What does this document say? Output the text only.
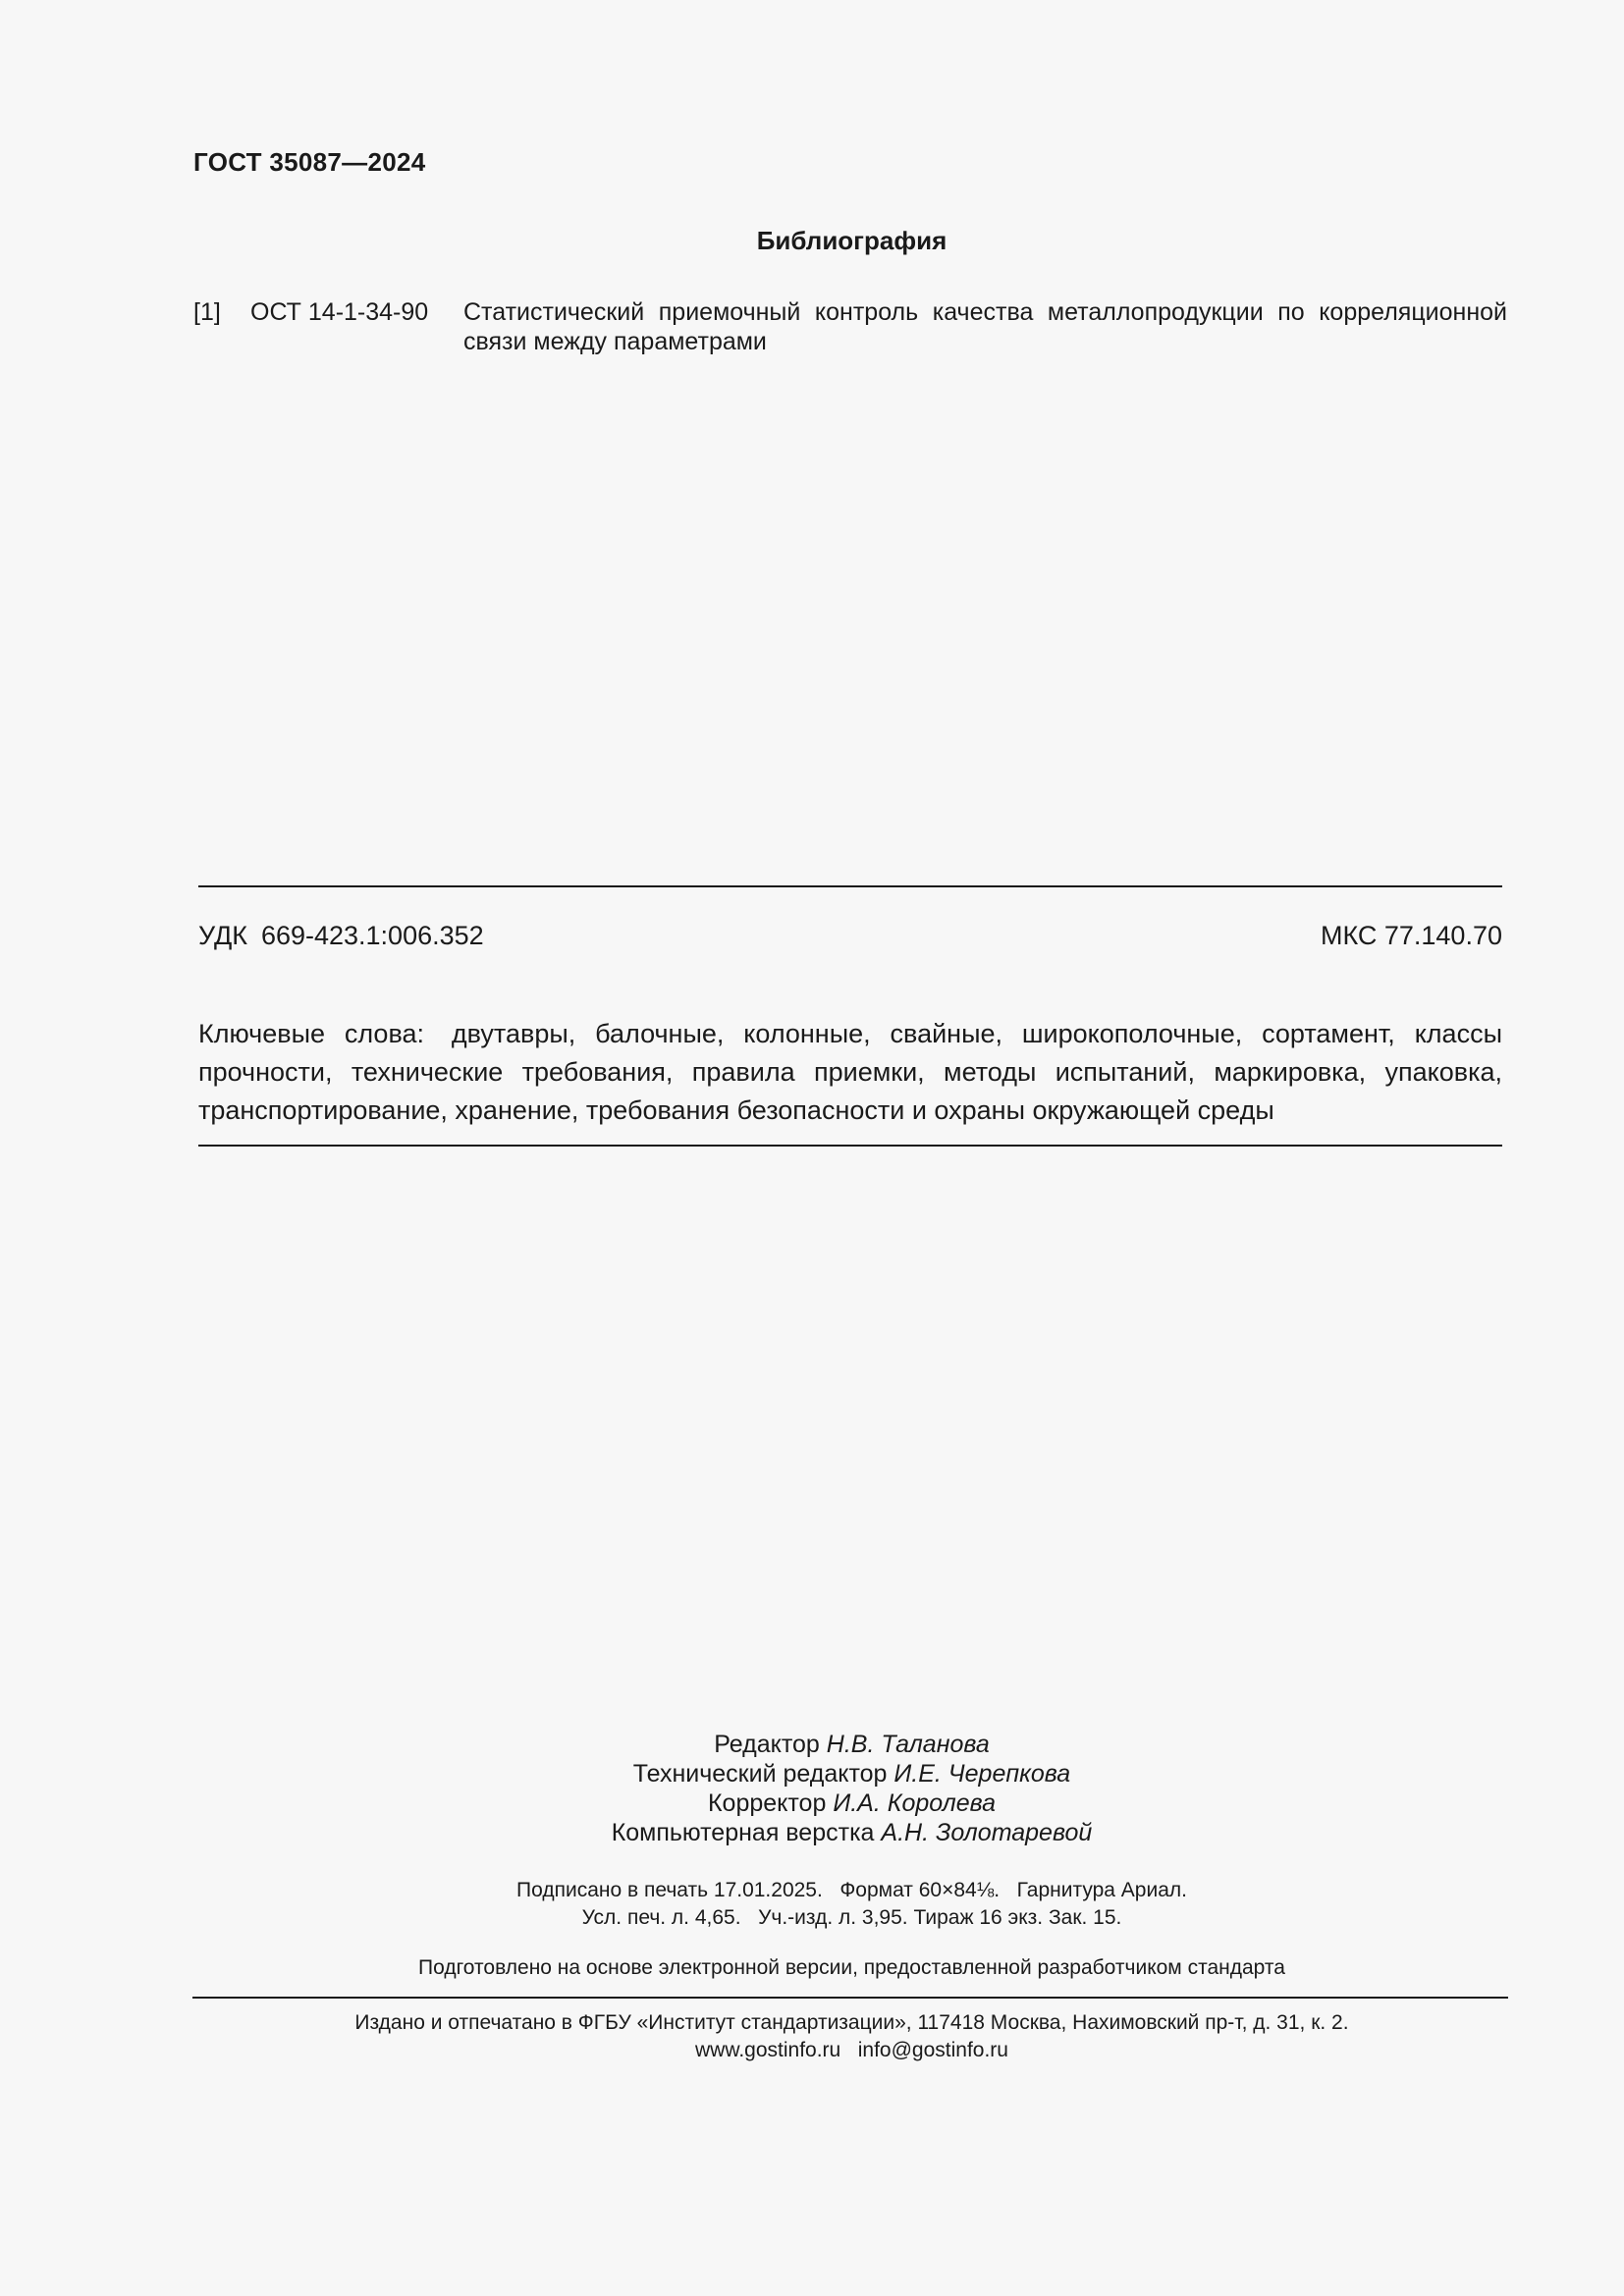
ГОСТ 35087—2024
Библиография
[1] ОСТ 14-1-34-90 Статистический приемочный контроль качества металлопродукции по корреляционной связи между параметрами
УДК 669-423.1:006.352	МКС 77.140.70
Ключевые слова: двутавры, балочные, колонные, свайные, широкополочные, сортамент, классы прочности, технические требования, правила приемки, методы испытаний, маркировка, упаковка, транспортирование, хранение, требования безопасности и охраны окружающей среды
Редактор Н.В. Таланова
Технический редактор И.Е. Черепкова
Корректор И.А. Королева
Компьютерная верстка А.Н. Золотаревой
Подписано в печать 17.01.2025.   Формат 60×84⅛.   Гарнитура Ариал.
Усл. печ. л. 4,65.   Уч.-изд. л. 3,95. Тираж 16 экз. Зак. 15.
Подготовлено на основе электронной версии, предоставленной разработчиком стандарта
Издано и отпечатано в ФГБУ «Институт стандартизации», 117418 Москва, Нахимовский пр-т, д. 31, к. 2.
www.gostinfo.ru info@gostinfo.ru
